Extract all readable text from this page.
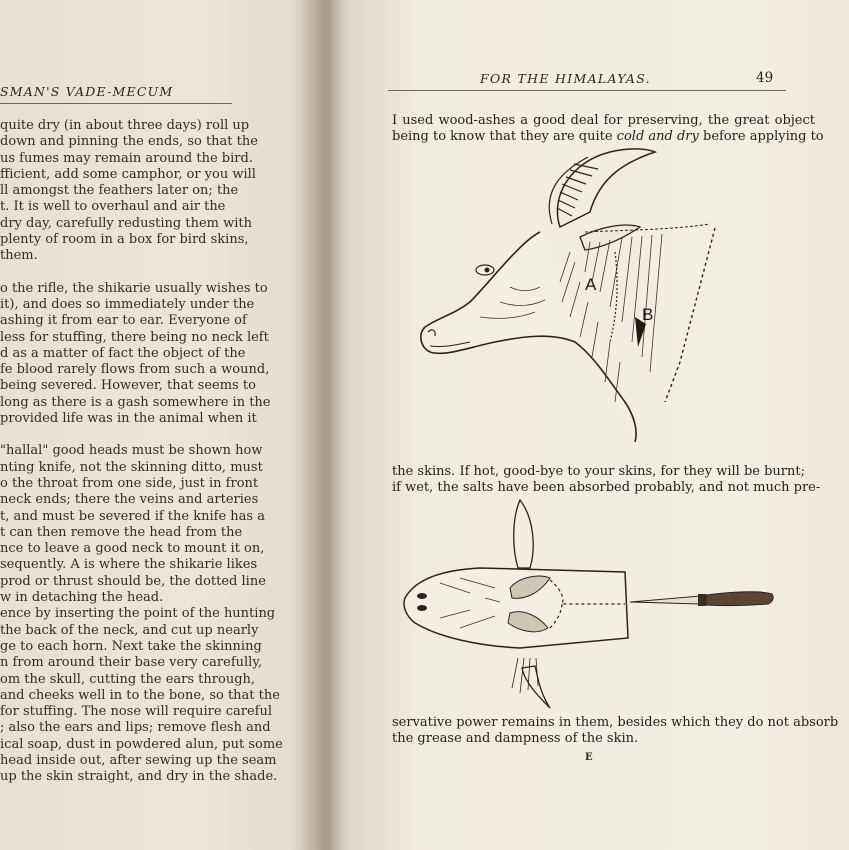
SMAN'S VADE-MECUM
quite dry (in about three days) roll up
down and pinning the ends, so that the
us fumes may remain around the bird.
fficient, add some camphor, or you will
ll amongst the feathers later on; the
t. It is well to overhaul and air the
dry day, carefully redusting them with
plenty of room in a box for bird skins,
them.
o the rifle, the shikarie usually wishes to
it), and does so immediately under the
ashing it from ear to ear. Everyone of
less for stuffing, there being no neck left
d as a matter of fact the object of the
fe blood rarely flows from such a wound,
being severed. However, that seems to
long as there is a gash somewhere in the
provided life was in the animal when it
"hallal" good heads must be shown how
nting knife, not the skinning ditto, must
o the throat from one side, just in front
neck ends; there the veins and arteries
t, and must be severed if the knife has a
t can then remove the head from the
nce to leave a good neck to mount it on,
sequently. A is where the shikarie likes
prod or thrust should be, the dotted line
w in detaching the head.
ence by inserting the point of the hunting
the back of the neck, and cut up nearly
ge to each horn. Next take the skinning
n from around their base very carefully,
om the skull, cutting the ears through,
and cheeks well in to the bone, so that the
for stuffing. The nose will require careful
; also the ears and lips; remove flesh and
ical soap, dust in powdered alun, put some
head inside out, after sewing up the seam
up the skin straight, and dry in the shade.
FOR THE HIMALAYAS.	49
I used wood-ashes a good deal for preserving, the great object
being to know that they are quite cold and dry before applying to
A
B
the skins. If hot, good-bye to your skins, for they will be burnt;
if wet, the salts have been absorbed probably, and not much pre-
servative power remains in them, besides which they do not absorb
the grease and dampness of the skin.
E
